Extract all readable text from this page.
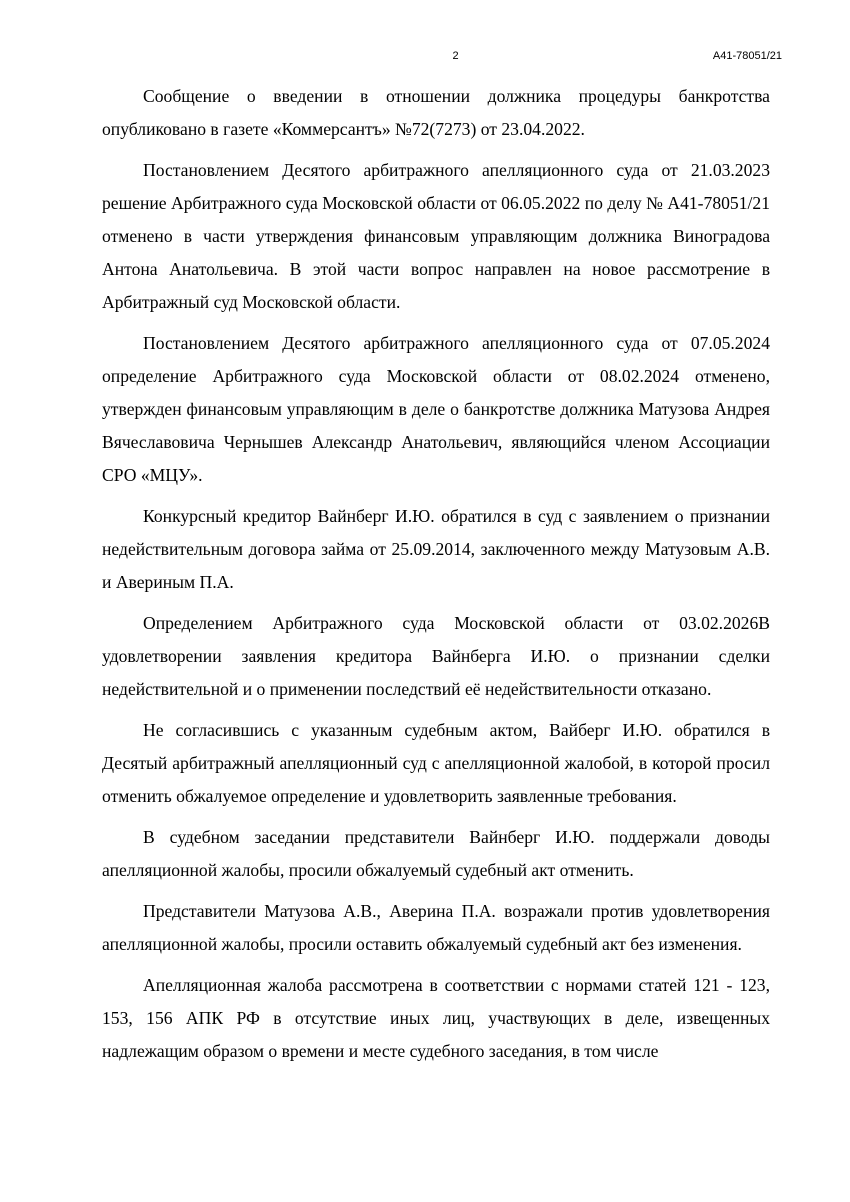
2	А41-78051/21

Сообщение о введении в отношении должника процедуры банкротства опубликовано в газете «Коммерсантъ» №72(7273) от 23.04.2022.

Постановлением Десятого арбитражного апелляционного суда от 21.03.2023 решение Арбитражного суда Московской области от 06.05.2022 по делу № А41-78051/21 отменено в части утверждения финансовым управляющим должника Виноградова Антона Анатольевича. В этой части вопрос направлен на новое рассмотрение в Арбитражный суд Московской области.

Постановлением Десятого арбитражного апелляционного суда от 07.05.2024 определение Арбитражного суда Московской области от 08.02.2024 отменено, утвержден финансовым управляющим в деле о банкротстве должника Матузова Андрея Вячеславовича Чернышев Александр Анатольевич, являющийся членом Ассоциации СРО «МЦУ».

Конкурсный кредитор Вайнберг И.Ю. обратился в суд с заявлением о признании недействительным договора займа от 25.09.2014, заключенного между Матузовым А.В. и Авериным П.А.

Определением Арбитражного суда Московской области от 03.02.2026В удовлетворении заявления кредитора Вайнберга И.Ю. о признании сделки недействительной и о применении последствий её недействительности отказано.

Не согласившись с указанным судебным актом, Вайберг И.Ю. обратился в Десятый арбитражный апелляционный суд с апелляционной жалобой, в которой просил отменить обжалуемое определение и удовлетворить заявленные требования.

В судебном заседании представители Вайнберг И.Ю. поддержали доводы апелляционной жалобы, просили обжалуемый судебный акт отменить.

Представители Матузова А.В., Аверина П.А. возражали против удовлетворения апелляционной жалобы, просили оставить обжалуемый судебный акт без изменения.

Апелляционная жалоба рассмотрена в соответствии с нормами статей 121 - 123, 153, 156 АПК РФ в отсутствие иных лиц, участвующих в деле, извещенных надлежащим образом о времени и месте судебного заседания, в том числе
